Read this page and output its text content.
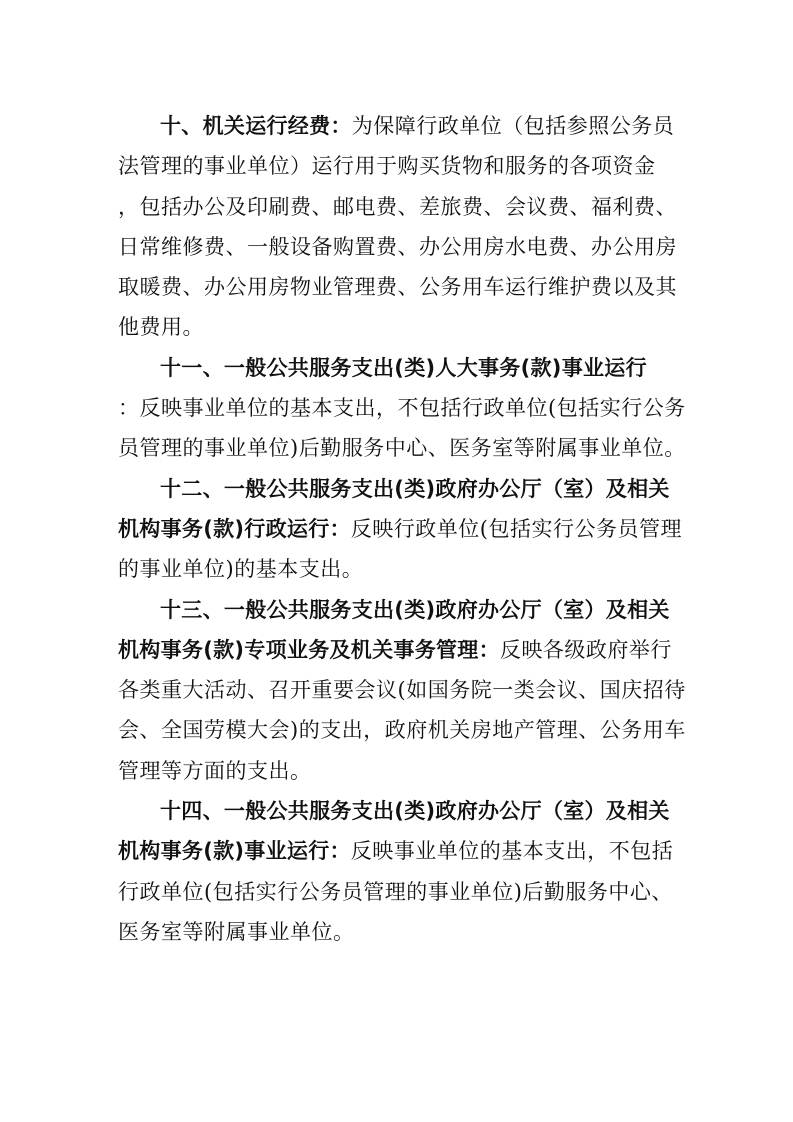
十、机关运行经费：为保障行政单位（包括参照公务员
法管理的事业单位）运行用于购买货物和服务的各项资金
，包括办公及印刷费、邮电费、差旅费、会议费、福利费、
日常维修费、一般设备购置费、办公用房水电费、办公用房
取暖费、办公用房物业管理费、公务用车运行维护费以及其
他费用。
十一、一般公共服务支出(类)人大事务(款)事业运行
：反映事业单位的基本支出，不包括行政单位(包括实行公务
员管理的事业单位)后勤服务中心、医务室等附属事业单位。
十二、一般公共服务支出(类)政府办公厅（室）及相关
机构事务(款)行政运行：反映行政单位(包括实行公务员管理
的事业单位)的基本支出。
十三、一般公共服务支出(类)政府办公厅（室）及相关
机构事务(款)专项业务及机关事务管理：反映各级政府举行
各类重大活动、召开重要会议(如国务院一类会议、国庆招待
会、全国劳模大会)的支出，政府机关房地产管理、公务用车
管理等方面的支出。
十四、一般公共服务支出(类)政府办公厅（室）及相关
机构事务(款)事业运行：反映事业单位的基本支出，不包括
行政单位(包括实行公务员管理的事业单位)后勤服务中心、
医务室等附属事业单位。
